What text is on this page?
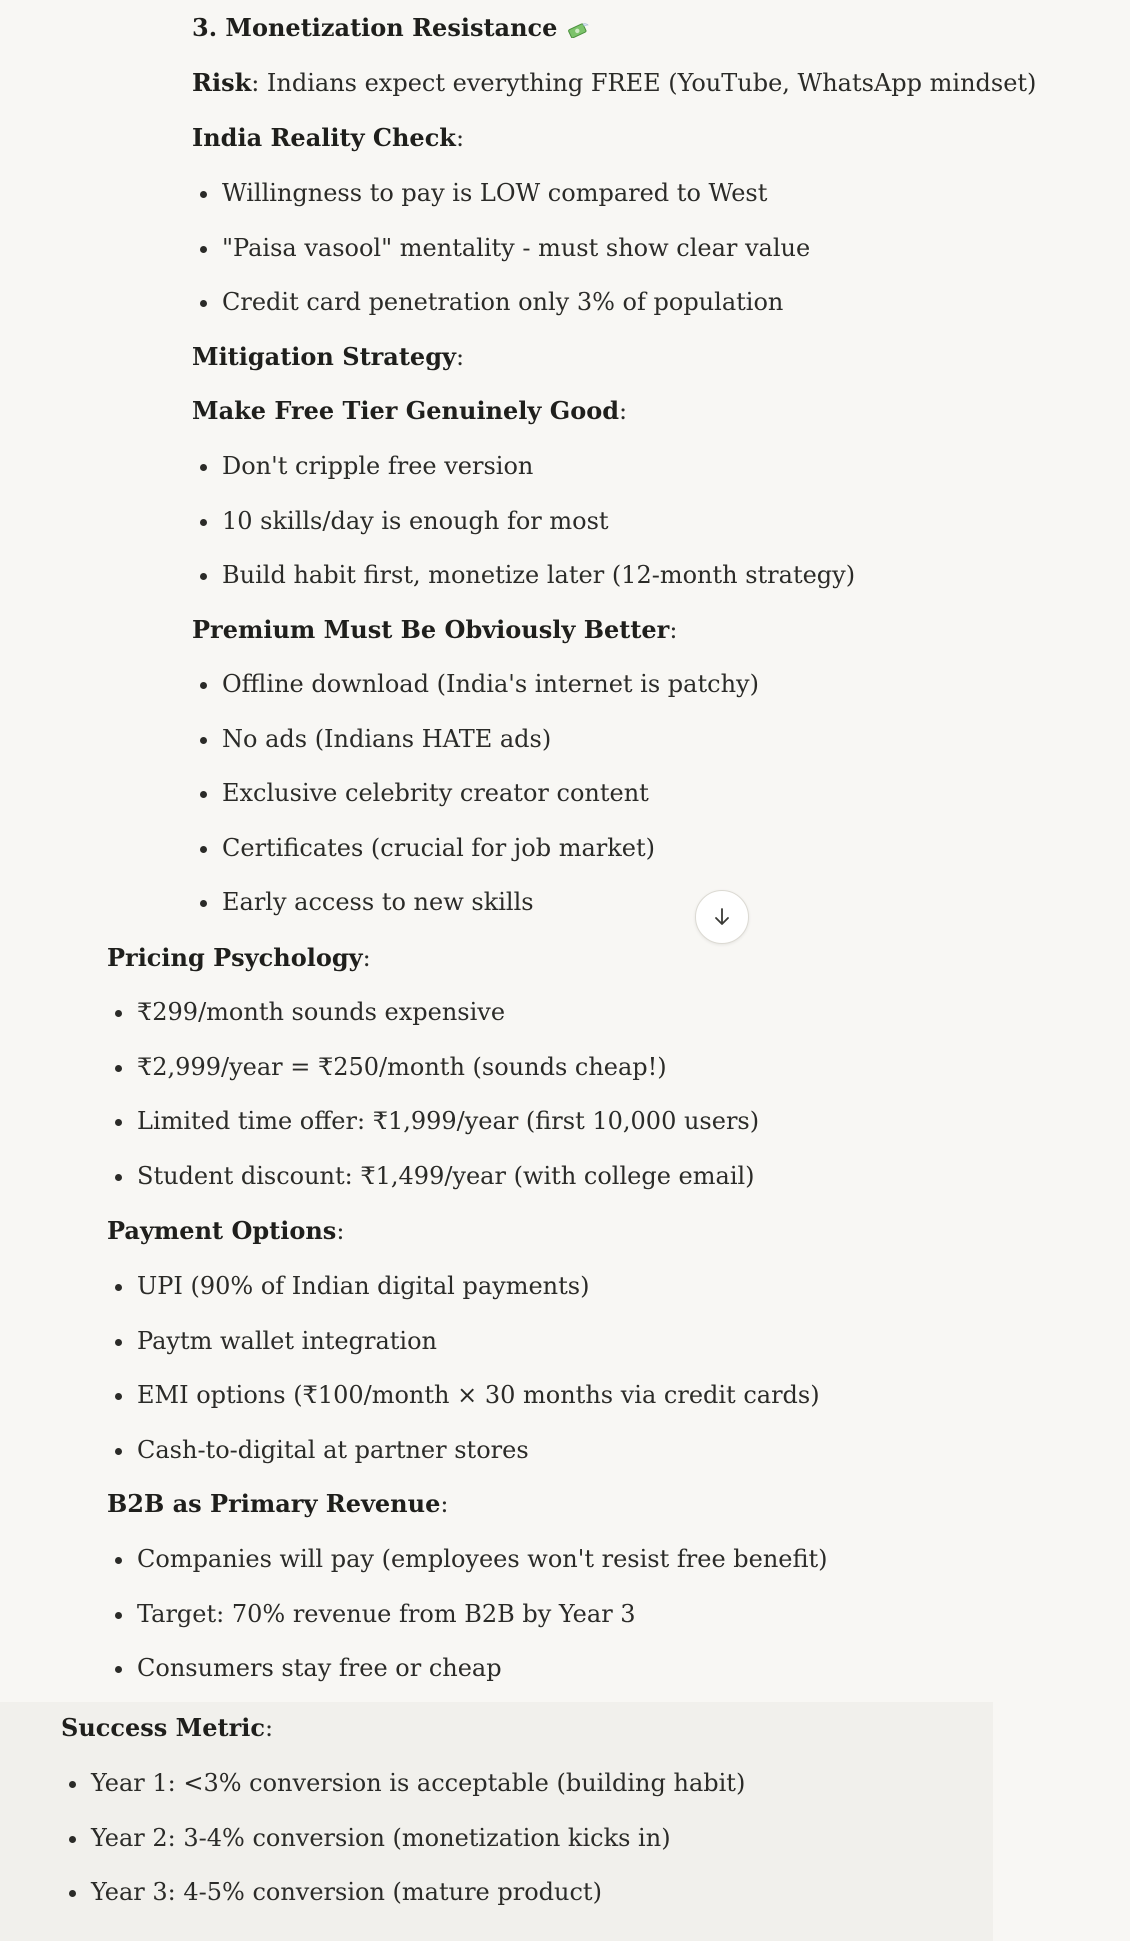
3. Monetization Resistance

Risk: Indians expect everything FREE (YouTube, WhatsApp mindset)

India Reality Check:

Willingness to pay is LOW compared to West
"Paisa vasool" mentality - must show clear value
Credit card penetration only 3% of population

Mitigation Strategy:

Make Free Tier Genuinely Good:

Don't cripple free version
10 skills/day is enough for most
Build habit first, monetize later (12-month strategy)

Premium Must Be Obviously Better:

Offline download (India's internet is patchy)
No ads (Indians HATE ads)
Exclusive celebrity creator content
Certificates (crucial for job market)
Early access to new skills

Pricing Psychology:

₹299/month sounds expensive
₹2,999/year = ₹250/month (sounds cheap!)
Limited time offer: ₹1,999/year (first 10,000 users)
Student discount: ₹1,499/year (with college email)

Payment Options:

UPI (90% of Indian digital payments)
Paytm wallet integration
EMI options (₹100/month × 30 months via credit cards)
Cash-to-digital at partner stores

B2B as Primary Revenue:

Companies will pay (employees won't resist free benefit)
Target: 70% revenue from B2B by Year 3
Consumers stay free or cheap

Success Metric:

Year 1: <3% conversion is acceptable (building habit)
Year 2: 3-4% conversion (monetization kicks in)
Year 3: 4-5% conversion (mature product)
